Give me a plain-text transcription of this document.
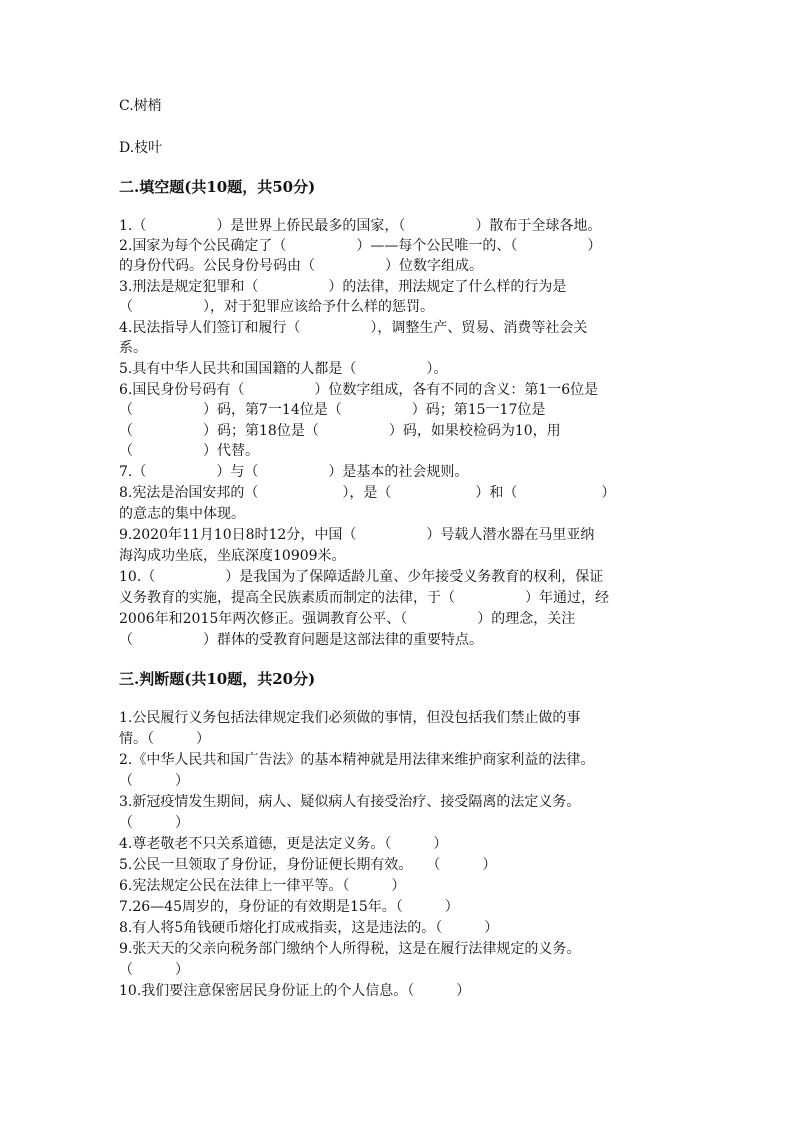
C.树梢
D.枝叶
二.填空题(共10题，共50分)
1.（　　　　　）是世界上侨民最多的国家，（　　　　　）散布于全球各地。
2.国家为每个公民确定了（　　　　　）——每个公民唯一的、（　　　　　）
的身份代码。公民身份号码由（　　　　　）位数字组成。
3.刑法是规定犯罪和（　　　　　）的法律，刑法规定了什么样的行为是
（　　　　　），对于犯罪应该给予什么样的惩罚。
4.民法指导人们签订和履行（　　　　　），调整生产、贸易、消费等社会关
系。
5.具有中华人民共和国国籍的人都是（　　　　　）。
6.国民身份号码有（　　　　　）位数字组成，各有不同的含义：第1一6位是
（　　　　　）码，第7一14位是（　　　　　）码；第15一17位是
（　　　　　）码；第18位是（　　　　　）码，如果校检码为10，用
（　　　　　）代替。
7.（　　　　　）与（　　　　　）是基本的社会规则。
8.宪法是治国安邦的（　　　　　　），是（　　　　　　）和（　　　　　　）
的意志的集中体现。
9.2020年11月10日8时12分，中国（　　　　　）号载人潜水器在马里亚纳
海沟成功坐底，坐底深度10909米。
10.（　　　　　）是我国为了保障适龄儿童、少年接受义务教育的权利，保证
义务教育的实施，提高全民族素质而制定的法律，于（　　　　　）年通过，经
2006年和2015年两次修正。强调教育公平、（　　　　　）的理念，关注
（　　　　　）群体的受教育问题是这部法律的重要特点。
三.判断题(共10题，共20分)
1.公民履行义务包括法律规定我们必须做的事情，但没包括我们禁止做的事
情。（　　　）
2.《中华人民共和国广告法》的基本精神就是用法律来维护商家利益的法律。
（　　　）
3.新冠疫情发生期间，病人、疑似病人有接受治疗、接受隔离的法定义务。
（　　　）
4.尊老敬老不只关系道德，更是法定义务。（　　　）
5.公民一旦领取了身份证，身份证便长期有效。　　（　　　）
6.宪法规定公民在法律上一律平等。（　　　）
7.26—45周岁的，身份证的有效期是15年。（　　　）
8.有人将5角钱硬币熔化打成戒指卖，这是违法的。（　　　）
9.张天天的父亲向税务部门缴纳个人所得税，这是在履行法律规定的义务。
（　　　）
10.我们要注意保密居民身份证上的个人信息。（　　　）
